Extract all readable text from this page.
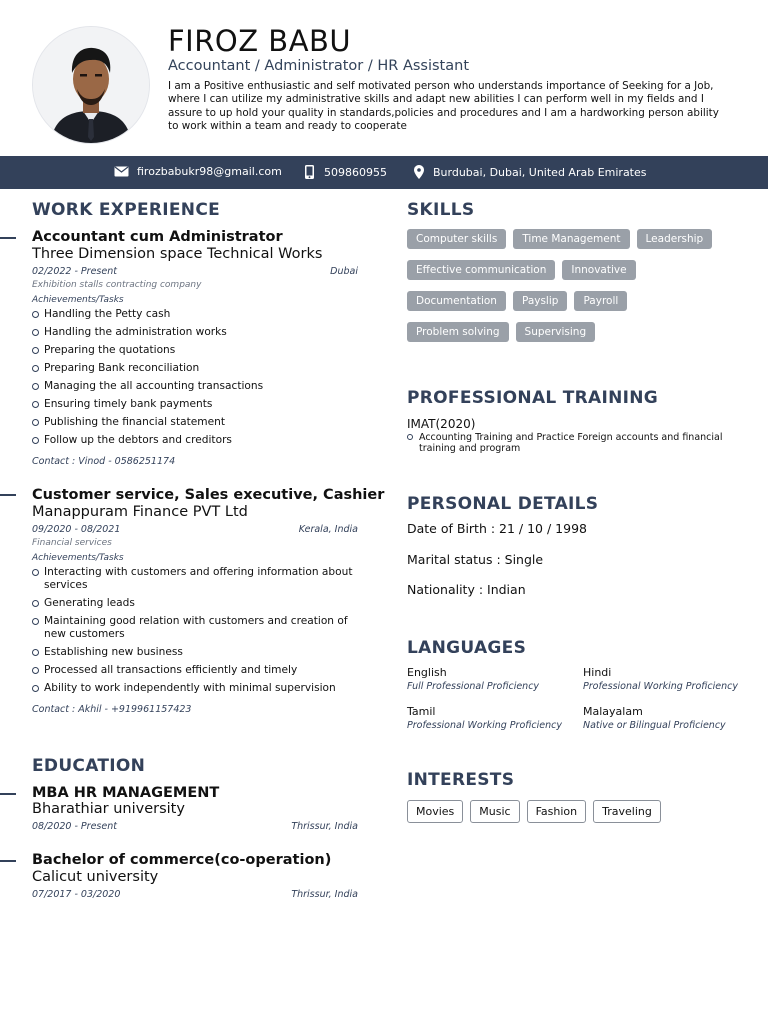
FIROZ BABU
Accountant / Administrator / HR Assistant
I am a Positive enthusiastic and self motivated person who understands importance of Seeking for a Job, where I can utilize my administrative skills and adapt new abilities I can perform well in my fields and I assure to up hold your quality in standards,policies and procedures and I am a hardworking person ability to work within a team and ready to cooperate
firozbabukr98@gmail.com	509860955	Burdubai, Dubai, United Arab Emirates
WORK EXPERIENCE
Accountant cum Administrator
Three Dimension space Technical Works
02/2022 - Present	Dubai
Exhibition stalls contracting company
Achievements/Tasks
Handling the Petty cash
Handling the administration works
Preparing the quotations
Preparing Bank reconciliation
Managing the all accounting transactions
Ensuring timely bank payments
Publishing the financial statement
Follow up the debtors and creditors
Contact : Vinod - 0586251174
Customer service, Sales executive, Cashier
Manappuram Finance PVT Ltd
09/2020 - 08/2021	Kerala, India
Financial services
Achievements/Tasks
Interacting with customers and offering information about services
Generating leads
Maintaining good relation with customers and creation of new customers
Establishing new business
Processed all transactions efficiently and timely
Ability to work independently with minimal supervision
Contact : Akhil - +919961157423
EDUCATION
MBA HR MANAGEMENT
Bharathiar university
08/2020 - Present	Thrissur, India
Bachelor of commerce(co-operation)
Calicut university
07/2017 - 03/2020	Thrissur, India
SKILLS
Computer skills	Time Management	Leadership
Effective communication	Innovative
Documentation	Payslip	Payroll
Problem solving	Supervising
PROFESSIONAL TRAINING
IMAT(2020)
Accounting Training and Practice Foreign accounts and financial training and program
PERSONAL DETAILS
Date of Birth : 21 / 10 / 1998
Marital status : Single
Nationality : Indian
LANGUAGES
English
Full Professional Proficiency
Hindi
Professional Working Proficiency
Tamil
Professional Working Proficiency
Malayalam
Native or Bilingual Proficiency
INTERESTS
Movies	Music	Fashion	Traveling
